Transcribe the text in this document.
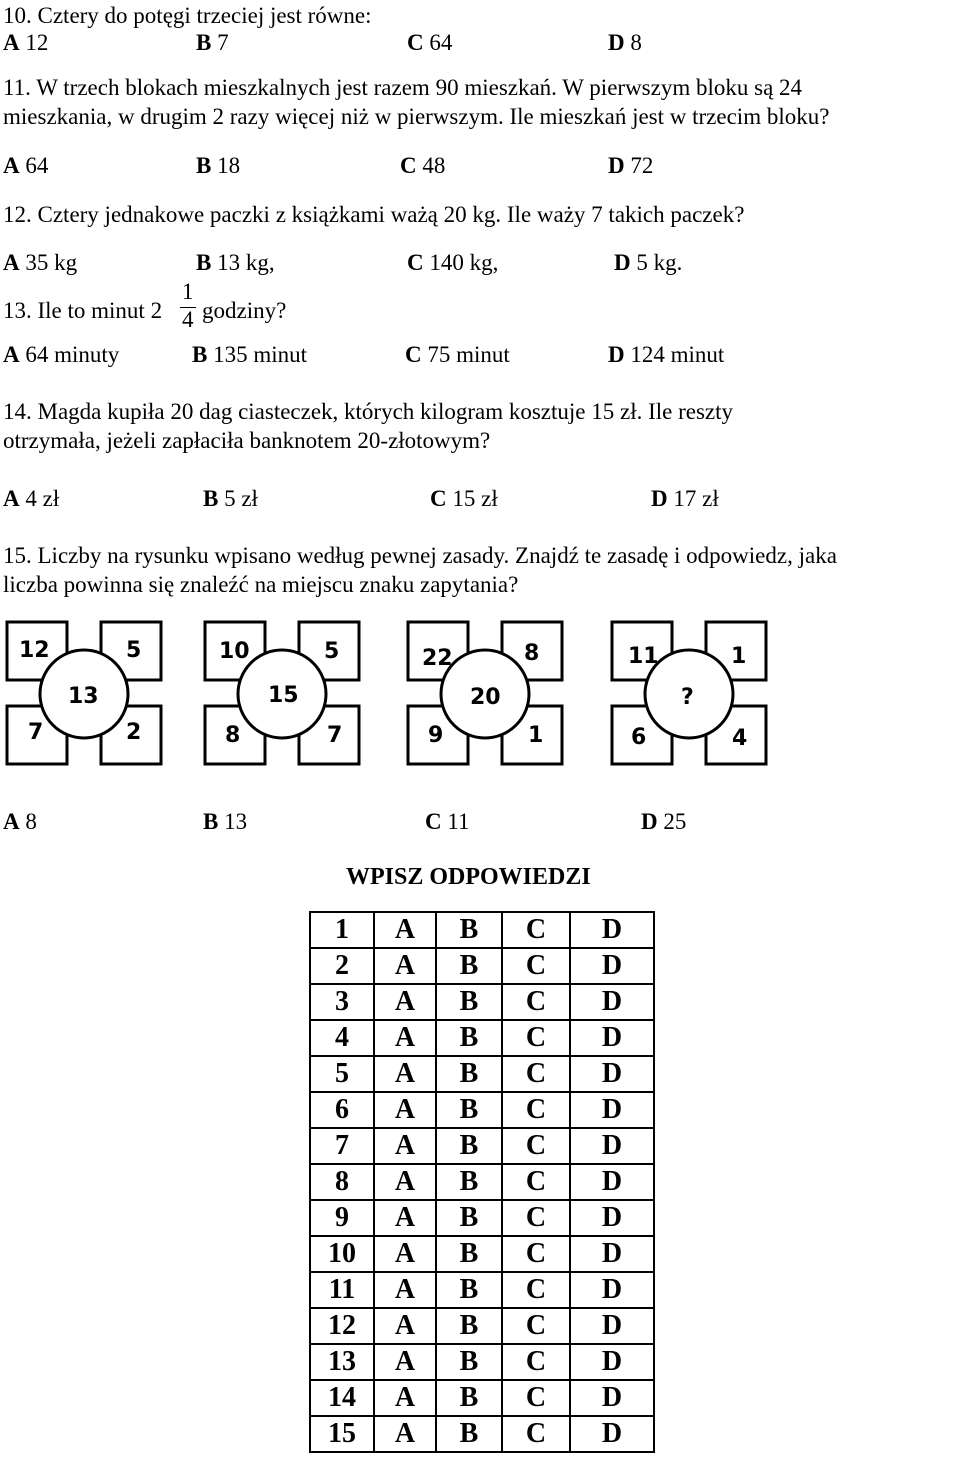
10. Cztery do potęgi trzeciej jest równe:
A 12	B 7	C 64	D 8
11. W trzech blokach mieszkalnych jest razem 90 mieszkań. W pierwszym bloku są 24
mieszkania, w drugim 2 razy więcej niż w pierwszym. Ile mieszkań jest w trzecim bloku?
A 64	B 18	C 48	D 72
12. Cztery jednakowe paczki z książkami ważą 20 kg. Ile waży 7 takich paczek?
A 35 kg	B 13 kg,	C 140 kg,	D 5 kg.
13. Ile to minut 2
1
4 godziny?
A 64 minuty	B 135 minut	C 75 minut	D 124 minut
14. Magda kupiła 20 dag ciasteczek, których kilogram kosztuje 15 zł. Ile reszty
otrzymała, jeżeli zapłaciła banknotem 20-złotowym?
A 4 zł	B 5 zł	C 15 zł	D 17 zł
15. Liczby na rysunku wpisano według pewnej zasady. Znajdź te zasadę i odpowiedz, jaka
liczba powinna się znaleźć na miejscu znaku zapytania?
12	5
13
7	2
10	5
15
8	7
22	8
20
9	1
11	1
?
6	4
A 8	B 13	C 11	D 25
WPISZ ODPOWIEDZI
1	A	B	C	D
2	A	B	C	D
3	A	B	C	D
4	A	B	C	D
5	A	B	C	D
6	A	B	C	D
7	A	B	C	D
8	A	B	C	D
9	A	B	C	D
10	A	B	C	D
11	A	B	C	D
12	A	B	C	D
13	A	B	C	D
14	A	B	C	D
15	A	B	C	D
